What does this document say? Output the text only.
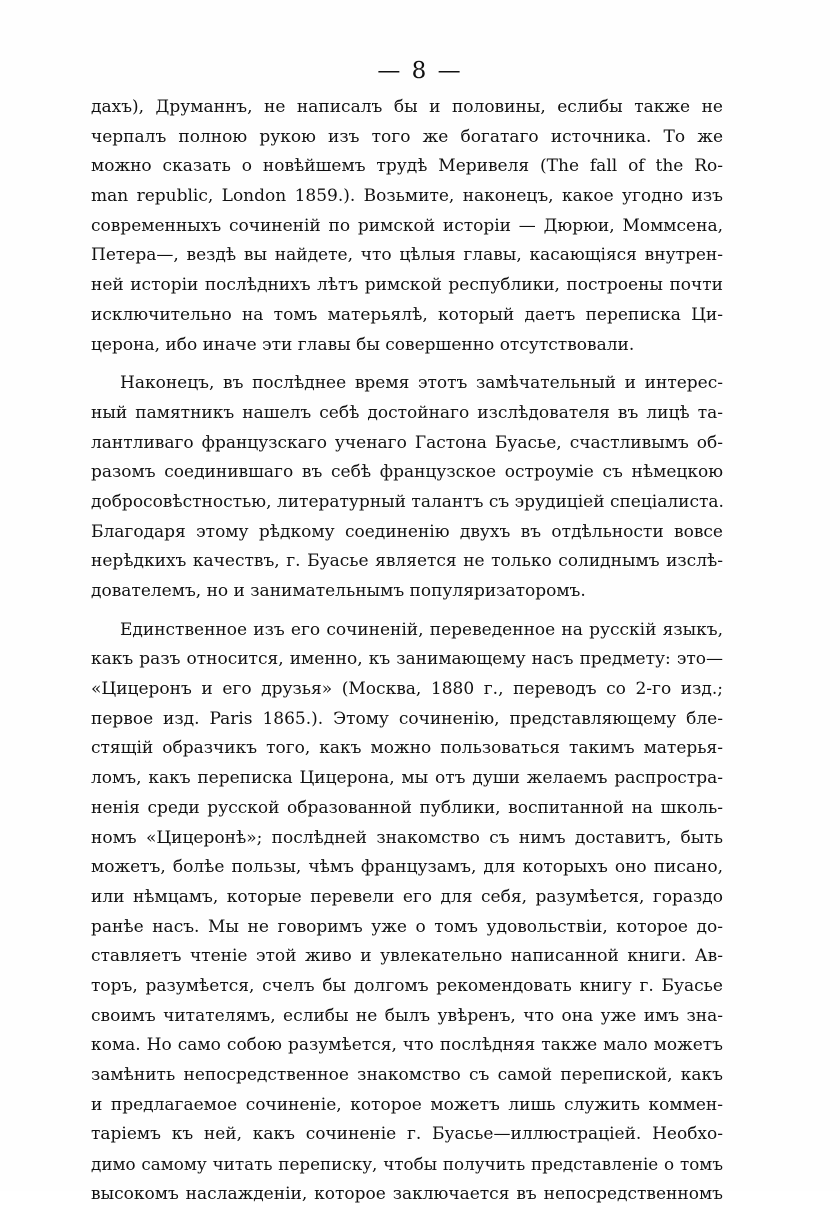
— 8 —
дахъ), Друманнъ, не написалъ бы и половины, еслибы также не
черпалъ полною рукою изъ того же богатаго источника. То же
можно сказать о новѣйшемъ трудѣ Меривеля (The fall of the Ro-
man republic, London 1859.). Возьмите, наконецъ, какое угодно изъ
современныхъ сочиненій по римской исторіи — Дюрюи, Моммсена,
Петера—, вездѣ вы найдете, что цѣлыя главы, касающіяся внутрен-
ней исторіи послѣднихъ лѣтъ римской республики, построены почти
исключительно на томъ матерьялѣ, который даетъ переписка Ци-
церона, ибо иначе эти главы бы совершенно отсутствовали.
Наконецъ, въ послѣднее время этотъ замѣчательный и интерес-
ный памятникъ нашелъ себѣ достойнаго изслѣдователя въ лицѣ та-
лантливаго французскаго ученаго Гастона Буасье, счастливымъ об-
разомъ соединившаго въ себѣ французское остроуміе съ нѣмецкою
добросовѣстностью, литературный талантъ съ эрудиціей спеціалиста.
Благодаря этому рѣдкому соединенію двухъ въ отдѣльности вовсе
нерѣдкихъ качествъ, г. Буасье является не только солиднымъ изслѣ-
дователемъ, но и занимательнымъ популяризаторомъ.
Единственное изъ его сочиненій, переведенное на русскій языкъ,
какъ разъ относится, именно, къ занимающему насъ предмету: это—
«Цицеронъ и его друзья» (Москва, 1880 г., переводъ со 2-го изд.;
первое изд. Paris 1865.). Этому сочиненію, представляющему бле-
стящій образчикъ того, какъ можно пользоваться такимъ матерья-
ломъ, какъ переписка Цицерона, мы отъ души желаемъ распростра-
ненія среди русской образованной публики, воспитанной на школь-
номъ «Цицеронѣ»; послѣдней знакомство съ нимъ доставитъ, быть
можетъ, болѣе пользы, чѣмъ французамъ, для которыхъ оно писано,
или нѣмцамъ, которые перевели его для себя, разумѣется, гораздо
ранѣе насъ. Мы не говоримъ уже о томъ удовольствіи, которое до-
ставляетъ чтеніе этой живо и увлекательно написанной книги. Ав-
торъ, разумѣется, счелъ бы долгомъ рекомендовать книгу г. Буасье
своимъ читателямъ, еслибы не былъ увѣренъ, что она уже имъ зна-
кома. Но само собою разумѣется, что послѣдняя также мало можетъ
замѣнить непосредственное знакомство съ самой перепиской, какъ
и предлагаемое сочиненіе, которое можетъ лишь служить коммен-
таріемъ къ ней, какъ сочиненіе г. Буасье—иллюстраціей. Необхо-
димо самому читать переписку, чтобы получить представленіе о томъ
высокомъ наслажденіи, которое заключается въ непосредственномъ
